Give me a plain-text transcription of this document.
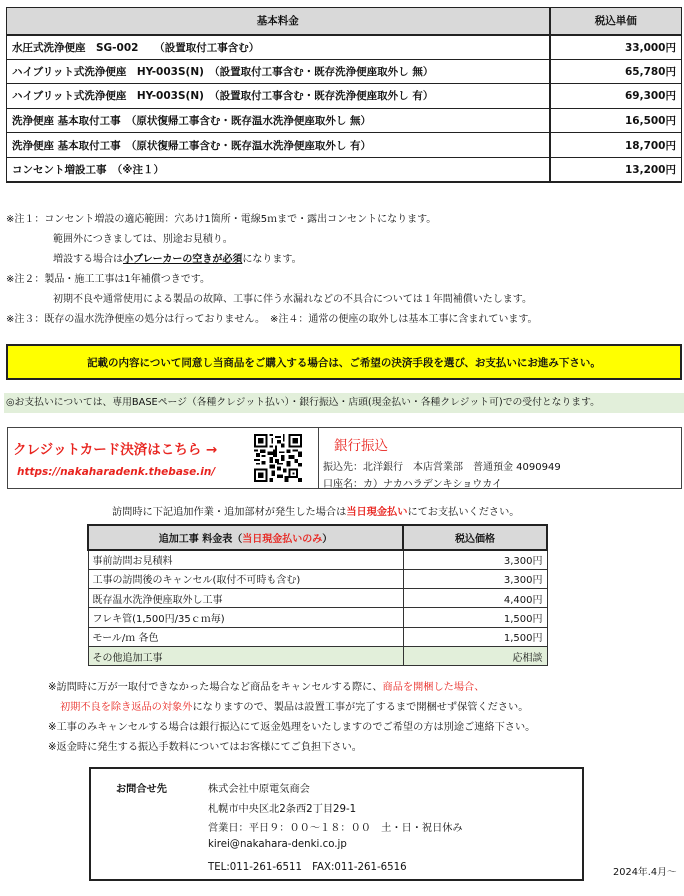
基本料金	税込単価
水圧式洗浄便座　SG-002　　（設置取付工事含む）	33,000円
ハイブリット式洗浄便座　HY-003S(N)　（設置取付工事含む・既存洗浄便座取外し 無）	65,780円
ハイブリット式洗浄便座　HY-003S(N)　（設置取付工事含む・既存洗浄便座取外し 有）	69,300円
洗浄便座 基本取付工事　（原状復帰工事含む・既存温水洗浄便座取外し 無）	16,500円
洗浄便座 基本取付工事　（原状復帰工事含む・既存温水洗浄便座取外し 有）	18,700円
コンセント増設工事　（※注１）	13,200円
※注１：コンセント増設の適応範囲：穴あけ1箇所・電線5ｍまで・露出コンセントになります。
範囲外につきましては、別途お見積り。
増設する場合は小ブレーカーの空きが必須になります。
※注２：製品・施工工事は1年補償つきです。
初期不良や通常使用による製品の故障、工事に伴う水漏れなどの不具合については１年間補償いたします。
※注３：既存の温水洗浄便座の処分は行っておりません。　※注４：通常の便座の取外しは基本工事に含まれています。
記載の内容について同意し当商品をご購入する場合は、ご希望の決済手段を選び、お支払いにお進み下さい。
◎お支払いについては、専用BASEページ（各種クレジット払い）・銀行振込・店頭(現金払い・各種クレジット可)での受付となります。
クレジットカード決済はこちら →
https://nakaharadenk.thebase.in/
銀行振込
振込先：北洋銀行　本店営業部　普通預金 4090949
口座名：カ）ナカハラデンキショウカイ
訪問時に下記追加作業・追加部材が発生した場合は当日現金払いにてお支払いください。
追加工事 料金表（当日現金払いのみ）	税込価格
事前訪問お見積料	3,300円
工事の訪問後のキャンセル(取付不可時も含む)	3,300円
既存温水洗浄便座取外し工事	4,400円
フレキ管(1,500円/35ｃｍ毎)	1,500円
モール/ｍ 各色	1,500円
その他追加工事	応相談
※訪問時に万が一取付できなかった場合など商品をキャンセルする際に、商品を開梱した場合、
初期不良を除き返品の対象外になりますので、製品は設置工事が完了するまで開梱せず保管ください。
※工事のみキャンセルする場合は銀行振込にて返金処理をいたしますのでご希望の方は別途ご連絡下さい。
※返金時に発生する振込手数料についてはお客様にてご負担下さい。
お問合せ先	株式会社中原電気商会
札幌市中央区北2条西2丁目29-1
営業日：平日９：００〜１８：００　土・日・祝日休み
kirei@nakahara-denki.co.jp
TEL:011-261-6511　FAX:011-261-6516	2024年.4月～
